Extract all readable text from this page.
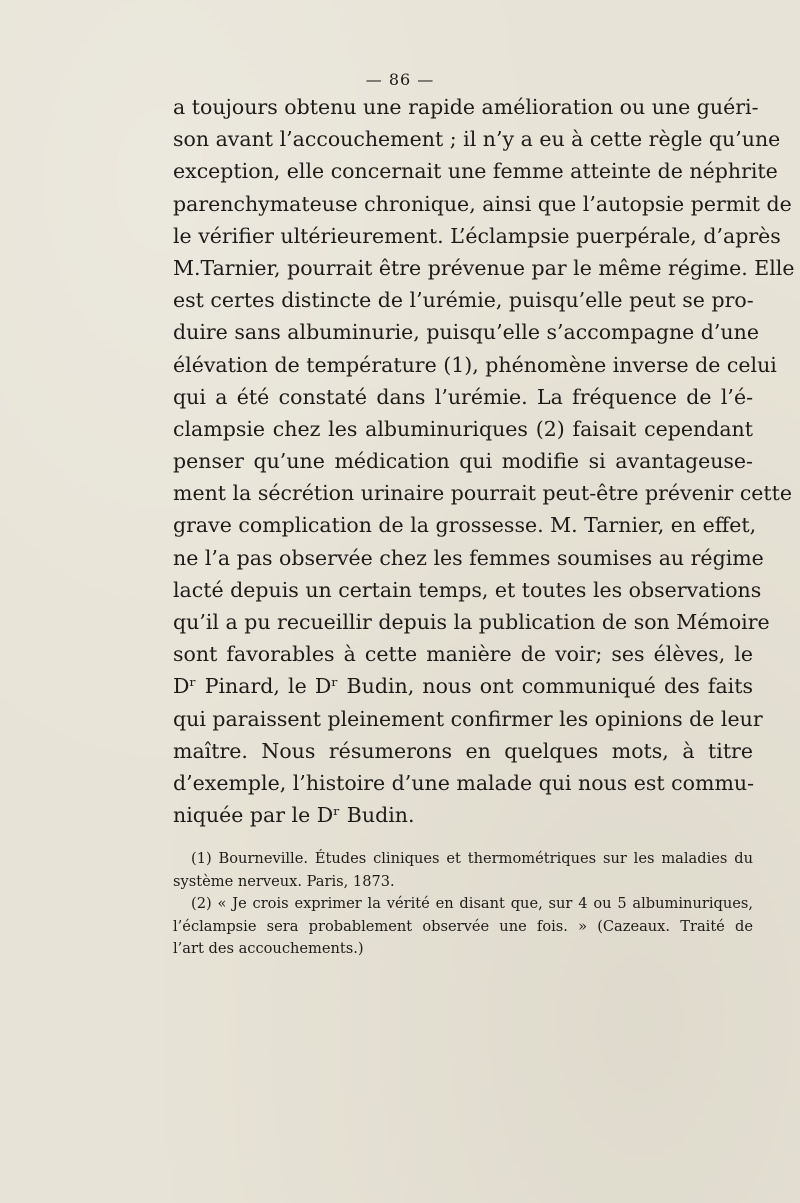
— 86 —
a toujours obtenu une rapide amélioration ou une guéri-
son avant l’accouchement ; il n’y a eu à cette règle qu’une
exception, elle concernait une femme atteinte de néphrite
parenchymateuse chronique, ainsi que l’autopsie permit de
le vérifier ultérieurement. L’éclampsie puerpérale, d’après
M.Tarnier, pourrait être prévenue par le même régime. Elle
est certes distincte de l’urémie, puisqu’elle peut se pro-
duire sans albuminurie, puisqu’elle s’accompagne d’une
élévation de température (1), phénomène inverse de celui
qui a été constaté dans l’urémie. La fréquence de l’é-
clampsie chez les albuminuriques (2) faisait cependant
penser qu’une médication qui modifie si avantageuse-
ment la sécrétion urinaire pourrait peut-être prévenir cette
grave complication de la grossesse. M. Tarnier, en effet,
ne l’a pas observée chez les femmes soumises au régime
lacté depuis un certain temps, et toutes les observations
qu’il a pu recueillir depuis la publication de son Mémoire
sont favorables à cette manière de voir; ses élèves, le
Dʳ Pinard, le Dʳ Budin, nous ont communiqué des faits
qui paraissent pleinement confirmer les opinions de leur
maître. Nous résumerons en quelques mots, à titre
d’exemple, l’histoire d’une malade qui nous est commu-
niquée par le Dʳ Budin.
(1) Bourneville. Études cliniques et thermométriques sur les maladies du
système nerveux. Paris, 1873.
(2) « Je crois exprimer la vérité en disant que, sur 4 ou 5 albuminuriques,
l’éclampsie sera probablement observée une fois. » (Cazeaux. Traité de
l’art des accouchements.)
